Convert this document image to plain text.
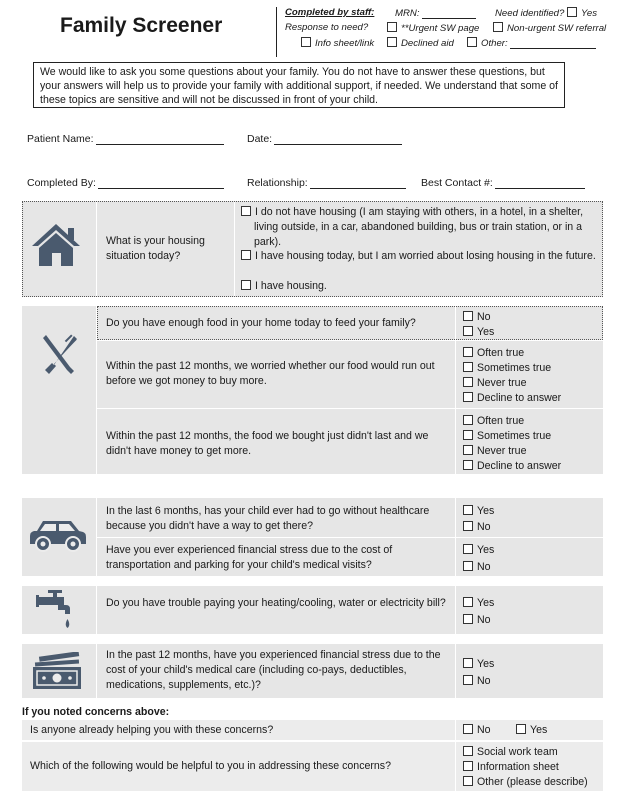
Family Screener
Completed by staff: MRN:	Need identified? Yes
Response to need?	**Urgent SW page	Non-urgent SW referral
Info sheet/link	Declined aid	Other:
We would like to ask you some questions about your family. You do not have to answer these questions, but your answers will help us to provide your family with additional support, if needed. We understand that some of these topics are sensitive and will not be discussed in front of your child.
Patient Name:	Date:
Completed By:	Relationship:	Best Contact #:
What is your housing situation today?
I do not have housing (I am staying with others, in a hotel, in a shelter, living outside, in a car, abandoned building, bus or train station, or in a park).
I have housing today, but I am worried about losing housing in the future.
I have housing.
Do you have enough food in your home today to feed your family?	No
Yes
Within the past 12 months, we worried whether our food would run out before we got money to buy more.
Often true
Sometimes true
Never true
Decline to answer
Within the past 12 months, the food we bought just didn't last and we didn't have money to get more.
Often true
Sometimes true
Never true
Decline to answer
In the last 6 months, has your child ever had to go without healthcare because you didn't have a way to get there?
Yes
No
Have you ever experienced financial stress due to the cost of transportation and parking for your child's medical visits?
Yes
No
Do you have trouble paying your heating/cooling, water or electricity bill?	Yes
No
In the past 12 months, have you experienced financial stress due to the cost of your child's medical care (including co-pays, deductibles, medications, supplements, etc.)?
Yes
No
If you noted concerns above:
Is anyone already helping you with these concerns?	No	Yes
Which of the following would be helpful to you in addressing these concerns?
Social work team
Information sheet
Other (please describe)
